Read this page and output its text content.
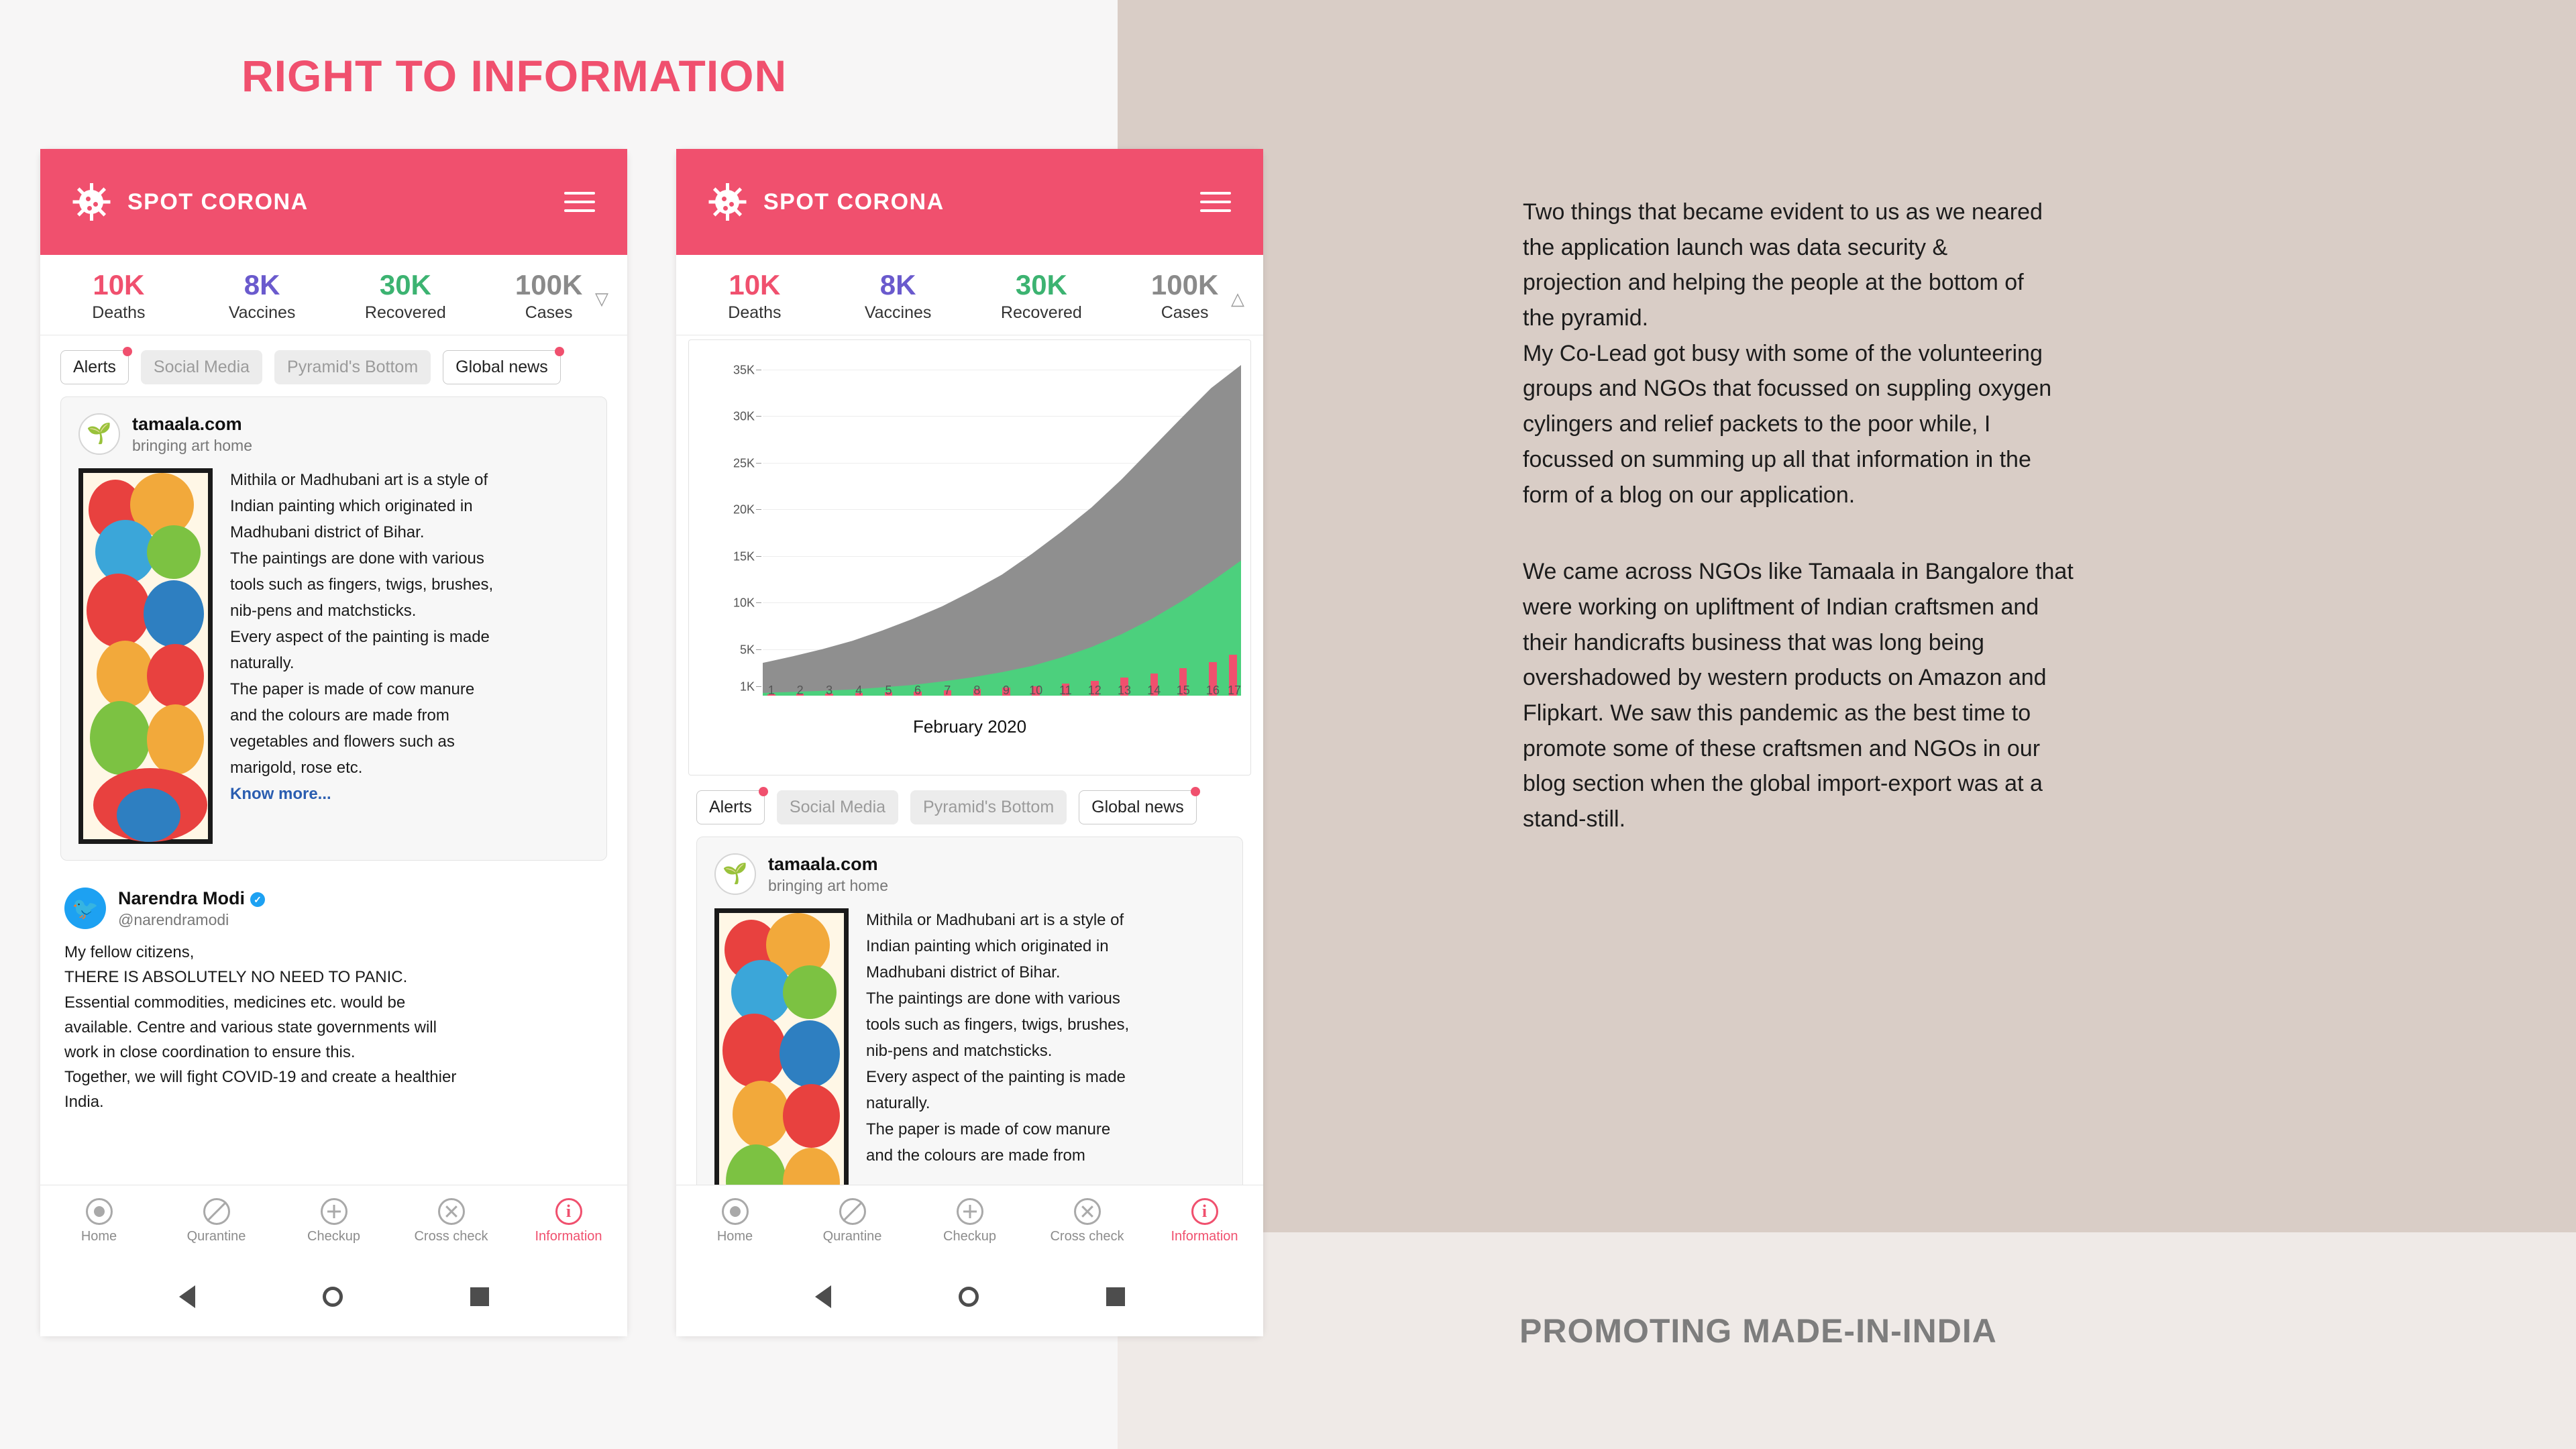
RIGHT TO INFORMATION
SPOT CORONA
10K
Deaths
8K
Vaccines
30K
Recovered
100K
Cases
▽
Alerts	Social Media	Pyramid's Bottom	Global news
🌱 tamaala.com
bringing art home

Mithila or Madhubani art is a style of

Indian painting which originated in

Madhubani district of Bihar.

The paintings are done with various

tools such as fingers, twigs, brushes,

nib-pens and matchsticks.

Every aspect of the painting is made

naturally.

The paper is made of cow manure

and the colours are made from

vegetables and flowers such as

marigold, rose etc.

Know more...

🐦	Narendra Modi ✓
@narendramodi

My fellow citizens,

THERE IS ABSOLUTELY NO NEED TO PANIC.

Essential commodities, medicines etc. would be

available. Centre and various state governments will

work in close coordination to ensure this.

Together, we will fight COVID-19 and create a healthier

India.

Home	Qurantine	Checkup	Cross check
i
Information
SPOT CORONA
10K
Deaths
8K
Vaccines
30K
Recovered
100K
Cases
△
35K
30K
25K
20K
15K
10K
5K
1K 1 2 3 4 5 6 7 8 9 10 11 12 13 14 15 16 17
February 2020
Alerts	Social Media	Pyramid's Bottom	Global news
🌱 tamaala.com
bringing art home

Mithila or Madhubani art is a style of

Indian painting which originated in

Madhubani district of Bihar.

The paintings are done with various

tools such as fingers, twigs, brushes,

nib-pens and matchsticks.

Every aspect of the painting is made

naturally.

The paper is made of cow manure

and the colours are made from

Home	Qurantine	Checkup	Cross check
i
Information

Two things that became evident to us as we neared

the application launch was data security &

projection and helping the people at the bottom of

the pyramid.

My Co-Lead got busy with some of the volunteering

groups and NGOs that focussed on suppling oxygen

cylingers and relief packets to the poor while, I

focussed on summing up all that information in the

form of a blog on our application.

We came across NGOs like Tamaala in Bangalore that

were working on upliftment of Indian craftsmen and

their handicrafts business that was long being

overshadowed by western products on Amazon and

Flipkart. We saw this pandemic as the best time to

promote some of these craftsmen and NGOs in our

blog section when the global import-export was at a

stand-still.

PROMOTING MADE-IN-INDIA
